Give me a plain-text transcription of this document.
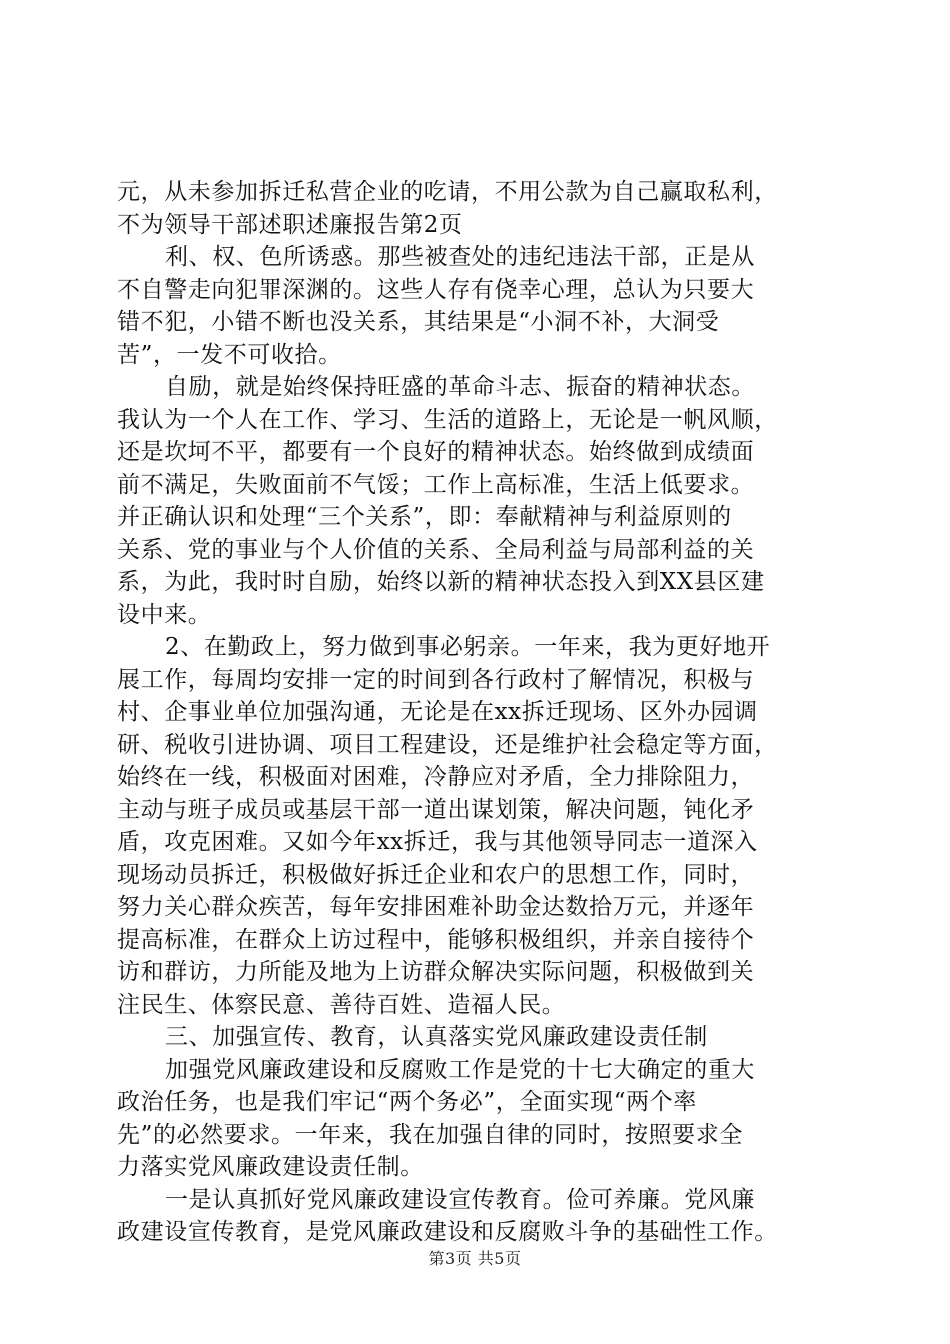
元，从未参加拆迁私营企业的吃请，不用公款为自己赢取私利，
不为领导干部述职述廉报告第2页
利、权、色所诱惑。那些被查处的违纪违法干部，正是从
不自警走向犯罪深渊的。这些人存有侥幸心理，总认为只要大
错不犯，小错不断也没关系，其结果是“小洞不补，大洞受
苦”，一发不可收拾。
自励，就是始终保持旺盛的革命斗志、振奋的精神状态。
我认为一个人在工作、学习、生活的道路上，无论是一帆风顺，
还是坎坷不平，都要有一个良好的精神状态。始终做到成绩面
前不满足，失败面前不气馁；工作上高标准，生活上低要求。
并正确认识和处理“三个关系”，即：奉献精神与利益原则的
关系、党的事业与个人价值的关系、全局利益与局部利益的关
系，为此，我时时自励，始终以新的精神状态投入到XX县区建
设中来。
2、在勤政上，努力做到事必躬亲。一年来，我为更好地开
展工作，每周均安排一定的时间到各行政村了解情况，积极与
村、企事业单位加强沟通，无论是在xx拆迁现场、区外办园调
研、税收引进协调、项目工程建设，还是维护社会稳定等方面，
始终在一线，积极面对困难，冷静应对矛盾，全力排除阻力，
主动与班子成员或基层干部一道出谋划策，解决问题，钝化矛
盾，攻克困难。又如今年xx拆迁，我与其他领导同志一道深入
现场动员拆迁，积极做好拆迁企业和农户的思想工作，同时，
努力关心群众疾苦，每年安排困难补助金达数拾万元，并逐年
提高标准，在群众上访过程中，能够积极组织，并亲自接待个
访和群访，力所能及地为上访群众解决实际问题，积极做到关
注民生、体察民意、善待百姓、造福人民。
三、加强宣传、教育，认真落实党风廉政建设责任制
加强党风廉政建设和反腐败工作是党的十七大确定的重大
政治任务，也是我们牢记“两个务必”，全面实现“两个率
先”的必然要求。一年来，我在加强自律的同时，按照要求全
力落实党风廉政建设责任制。
一是认真抓好党风廉政建设宣传教育。俭可养廉。党风廉
政建设宣传教育，是党风廉政建设和反腐败斗争的基础性工作。
第3页 共5页
